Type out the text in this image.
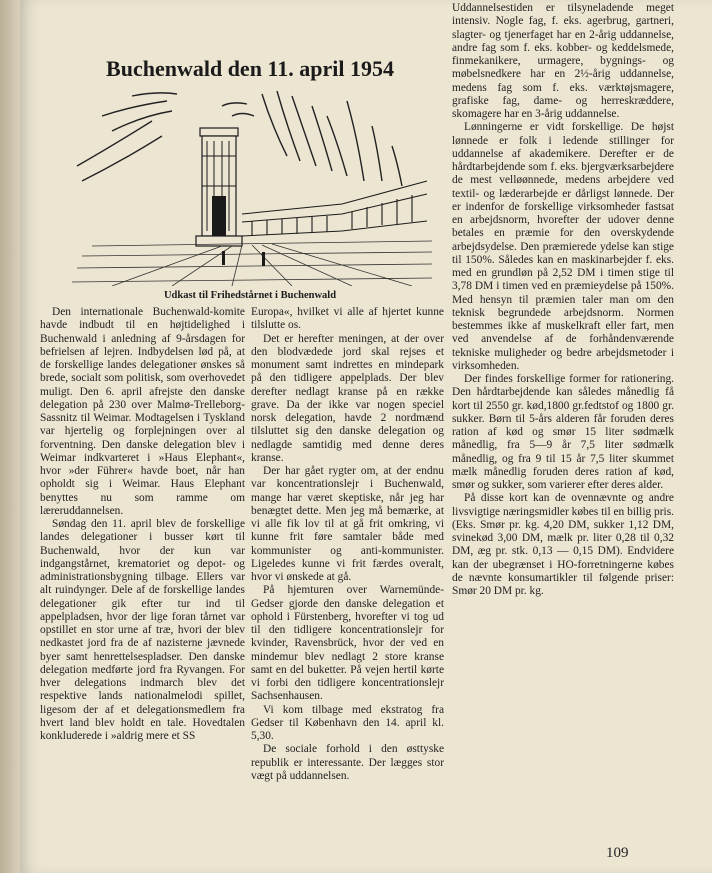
Buchenwald den 11. april 1954
Udkast til Frihedstårnet i Buchenwald

Den internationale Buchenwald-komite havde indbudt til en højtidelighed i Buchenwald i anledning af 9-årsdagen for befrielsen af lejren. Indbydelsen lød på, at de forskellige landes delegationer ønskes så brede, socialt som politisk, som overhovedet muligt. Den 6. april afrejste den danske delegation på 230 over Malmø-Trelleborg-Sassnitz til Weimar. Modtagelsen i Tyskland var hjertelig og forplejningen over al forventning. Den danske delegation blev i Weimar indkvarteret i »Haus Elephant«, hvor »der Führer« havde boet, når han opholdt sig i Weimar. Haus Elephant benyttes nu som ramme om læreruddannelsen.

Søndag den 11. april blev de forskellige landes delegationer i busser kørt til Buchenwald, hvor der kun var indgangstårnet, krematoriet og depot- og administrationsbygning tilbage. Ellers var alt ruindynger. Dele af de forskellige landes delegationer gik efter tur ind til appelpladsen, hvor der lige foran tårnet var opstillet en stor urne af træ, hvori der blev nedkastet jord fra de af nazisterne jævnede byer samt henrettelsespladser. Den danske delegation medførte jord fra Ryvangen. For hver delegations indmarch blev det respektive lands nationalmelodi spillet, ligesom der af et delegationsmedlem fra hvert land blev holdt en tale. Hovedtalen konkluderede i »aldrig mere et SS

Europa«, hvilket vi alle af hjertet kunne tilslutte os.

Det er herefter meningen, at der over den blodvædede jord skal rejses et monument samt indrettes en mindepark på den tidligere appelplads. Der blev derefter nedlagt kranse på en række grave. Da der ikke var nogen speciel norsk delegation, havde 2 nordmænd tilsluttet sig den danske delegation og nedlagde samtidig med denne deres kranse.

Der har gået rygter om, at der endnu var koncentrationslejr i Buchenwald, mange har været skeptiske, når jeg har benægtet dette. Men jeg må bemærke, at vi alle fik lov til at gå frit omkring, vi kunne frit føre samtaler både med kommunister og anti-kommunister. Ligeledes kunne vi frit færdes overalt, hvor vi ønskede at gå.

På hjemturen over Warnemünde-Gedser gjorde den danske delegation et ophold i Fürstenberg, hvorefter vi tog ud til den tidligere koncentrationslejr for kvinder, Ravensbrück, hvor der ved en mindemur blev nedlagt 2 store kranse samt en del buketter. På vejen hertil kørte vi forbi den tidligere koncentrationslejr Sachsenhausen.

Vi kom tilbage med ekstratog fra Gedser til København den 14. april kl. 5,30.

De sociale forhold i den østtyske republik er interessante. Der lægges stor vægt på uddannelsen.

Uddannelsestiden er tilsyneladende meget intensiv. Nogle fag, f. eks. agerbrug, gartneri, slagter- og tjenerfaget har en 2-årig uddannelse, andre fag som f. eks. kobber- og keddelsmede, finmekanikere, urmagere, bygnings- og møbelsnedkere har en 2½-årig uddannelse, medens fag som f. eks. værktøjsmagere, grafiske fag, dame- og herreskræddere, skomagere har en 3-årig uddannelse.

Lønningerne er vidt forskellige. De højst lønnede er folk i ledende stillinger for uddannelse af akademikere. Derefter er de hårdtarbejdende som f. eks. bjergværksarbejdere de mest velløønnede, medens arbejdere ved textil- og læderarbejde er dårligst lønnede. Der er indenfor de forskellige virksomheder fastsat en arbejdsnorm, hvorefter der udover denne betales en præmie for den overskydende arbejdsydelse. Den præmierede ydelse kan stige til 150%. Således kan en maskinarbejder f. eks. med en grundløn på 2,52 DM i timen stige til 3,78 DM i timen ved en præmieydelse på 150%. Med hensyn til præmien taler man om den teknisk begrundede arbejdsnorm. Normen bestemmes ikke af muskelkraft eller fart, men ved anvendelse af de forhåndenværende tekniske muligheder og bedre arbejdsmetoder i virksomheden.

Der findes forskellige former for rationering. Den hårdtarbejdende kan således månedlig få kort til 2550 gr. kød,1800 gr.fedtstof og 1800 gr. sukker. Børn til 5-års alderen får foruden deres ration af kød og smør 15 liter sødmælk månedlig, fra 5—9 år 7,5 liter sødmælk månedlig, og fra 9 til 15 år 7,5 liter skummet mælk månedlig foruden deres ration af kød, smør og sukker, som varierer efter deres alder.

På disse kort kan de ovennævnte og andre livsvigtige næringsmidler købes til en billig pris. (Eks. Smør pr. kg. 4,20 DM, sukker 1,12 DM, svinekød 3,00 DM, mælk pr. liter 0,28 til 0,32 DM, æg pr. stk. 0,13 — 0,15 DM). Endvidere kan der ubegrænset i HO-forretningerne købes de nævnte konsumartikler til følgende priser: Smør 20 DM pr. kg.

109
